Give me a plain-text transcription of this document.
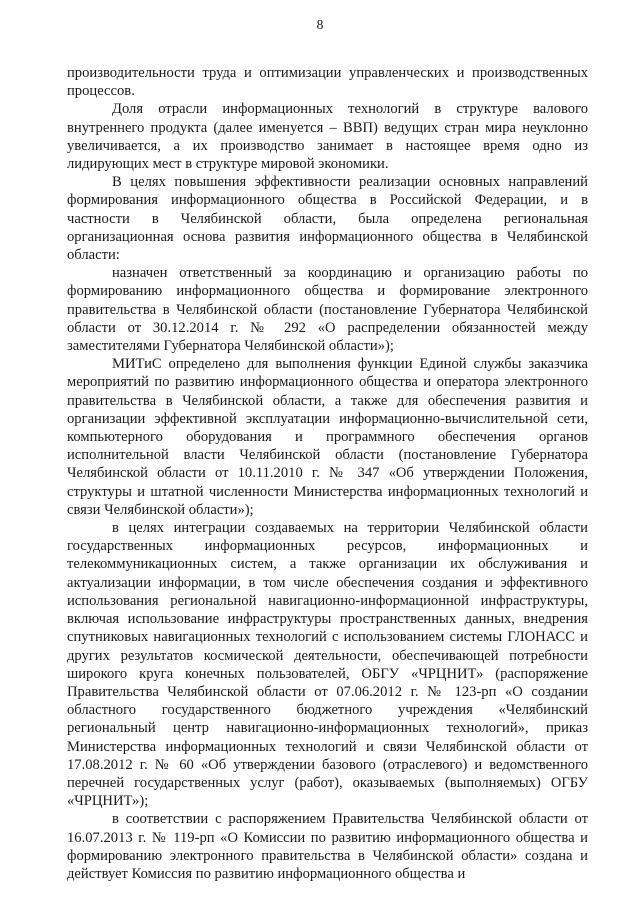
8

производительности труда и оптимизации управленческих и производственных процессов.

Доля отрасли информационных технологий в структуре валового внутреннего продукта (далее именуется – ВВП) ведущих стран мира неуклонно увеличивается, а их производство занимает в настоящее время одно из лидирующих мест в структуре мировой экономики.

В целях повышения эффективности реализации основных направлений формирования информационного общества в Российской Федерации, и в частности в Челябинской области, была определена региональная организационная основа развития информационного общества в Челябинской области:

назначен ответственный за координацию и организацию работы по формированию информационного общества и формирование электронного правительства в Челябинской области (постановление Губернатора Челябинской области от 30.12.2014 г. № 292 «О распределении обязанностей между заместителями Губернатора Челябинской области»);

МИТиС определено для выполнения функции Единой службы заказчика мероприятий по развитию информационного общества и оператора электронного правительства в Челябинской области, а также для обеспечения развития и организации эффективной эксплуатации информационно-вычислительной сети, компьютерного оборудования и программного обеспечения органов исполнительной власти Челябинской области (постановление Губернатора Челябинской области от 10.11.2010 г. № 347 «Об утверждении Положения, структуры и штатной численности Министерства информационных технологий и связи Челябинской области»);

в целях интеграции создаваемых на территории Челябинской области государственных информационных ресурсов, информационных и телекоммуникационных систем, а также организации их обслуживания и актуализации информации, в том числе обеспечения создания и эффективного использования региональной навигационно-информационной инфраструктуры, включая использование инфраструктуры пространственных данных, внедрения спутниковых навигационных технологий с использованием системы ГЛОНАСС и других результатов космической деятельности, обеспечивающей потребности широкого круга конечных пользователей, ОБГУ «ЧРЦНИТ» (распоряжение Правительства Челябинской области от 07.06.2012 г. № 123-рп «О создании областного государственного бюджетного учреждения «Челябинский региональный центр навигационно-информационных технологий», приказ Министерства информационных технологий и связи Челябинской области от 17.08.2012 г. № 60 «Об утверждении базового (отраслевого) и ведомственного перечней государственных услуг (работ), оказываемых (выполняемых) ОГБУ «ЧРЦНИТ»);

в соответствии с распоряжением Правительства Челябинской области от 16.07.2013 г. № 119-рп «О Комиссии по развитию информационного общества и формированию электронного правительства в Челябинской области» создана и действует Комиссия по развитию информационного общества и
